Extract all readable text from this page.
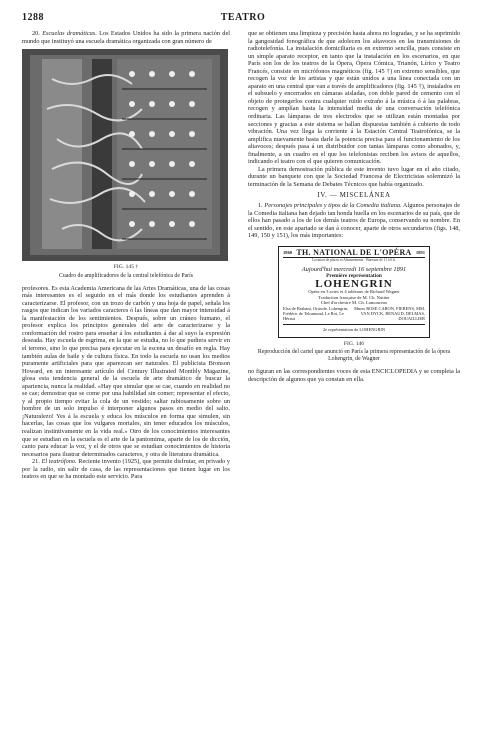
1288	TEATRO

20. Escuelas dramáticas. Los Estados Unidos ha sido la primera nación del mundo que instituyó una escuela dramática organizada con gran número de

FIG. 145 †
Cuadro de amplificadores de la central telefónica de París

profesores. Es esta Academia Americana de las Artes Dramáticas, una de las cosas más interesantes es el seguido en el más donde los estudiantes aprenden á caracterizarse. El profesor, con un trozo de carbón y una hoja de papel, señala los rasgos que indican los variados caracteres ó las líneas que dan mayor intensidad á la manifestación de los sentimientos. Después, sobre un cráneo humano, el profesor explica los principios generales del arte de caracterizarse y la conformación del rostro para enseñar á los estudiantes á dar al suyo la expresión deseada. Hay escuela de esgrima, en la que se estudia, no lo que pudiera servir en el terreno, sino lo que precisa para ejecutar en la escena un desafío en regla. Hay también aulas de baile y de cultura física. En todo la escuela no usan los medios puramente artificiales para que aparezcan ser naturales. El publicista Bronson Howard, en un interesante artículo del Century Illustrated Monthly Magazine, glosa esta tendencia general de la escuela de arte dramático de buscar la apariencia, nunca la realidad. «Hay que simular que se cae, cuando en realidad no se cae; demostrar que se come por una habilidad sin comer; representar el efecto, y al propio tiempo evitar la cola de un vestido; saltar rabiosamente sobre un hombre de un solo impulso é interponer algunos pasos en medio del salto. ¡Naturalezo! Yes á la escuela y educa los músculos en forma que simulen, sin hacerlas, las cosas que los vulgares mortales, sin tener educados los músculos, realizan instintivamente en la vida real.» Otro de los conocimientos interesantes que se estudian en la escuela es el arte de la pantomima, aparte de los de dicción, canto para educar la voz, y el de otros que se estudian conocimientos de historia necesarios para ilustrar determinados caracteres, y otra de literatura dramática.

21. El teatrófono. Reciente invento (1925), que permite disfrutar, en privado y por la radio, sin salir de casa, de las representaciones que tienen lugar en los teatros en que se ha montado este servicio. Para

que se obtienen una limpieza y precisión hasta ahora no logradas, y se ha suprimido la gangosidad fonográfica de que adolecen los altavoces en las transmisiones de radiotelefonía. La instalación domiciliaria es en extremo sencilla, pues consiste en un simple aparato receptor, en tanto que la instalación en los escenarios, en que París son los de los teatros de la Ópera, Ópera Cómica, Trianón, Lírico y Teatro Francés, consiste en micrófonos magnéticos (fig. 145 †) en extremo sensibles, que recogen la voz de los artistas y que están unidos a una línea conectada con un aparato en una central que van a través de amplificadores (fig. 145 †), instalados en el subsuelo y encerrados en cámaras aisladas, con doble pared de cemento con el objeto de protegerlos contra cualquier ruido extraño á la música ó á las palabras, recogen y amplían hasta la intensidad media de una conversación telefónica ordinaria. Las lámparas de tres electrodos que se utilizan están montadas por secciones y gracias a este sistema se hallan dispuestas también á cubierto de todo vibración. Una vez llega la corriente á la Estación Central Teatrofónica, se la amplifica nuevamente hasta darle la potencia precisa para el funcionamiento de los altavoces; después pasa á un distribuidor con tantas lámparas como abonados, y, finalmente, a un cuadro en el que los telefonistas reciben los avisos de aquellos, indicando el teatro con el que quieren comunicación.

La primera demostración pública de este invento tuvo lugar en el año citado, durante un banquete con que la Sociedad Francesa de Electricistas solemnizó la terminación de la Semana de Debates Técnicos que había organizado.

IV. — MISCELÁNEA

1. Personajes principales y tipos de la Comedia italiana. Algunos personajes de la Comedia italiana han dejado tan honda huella en los escenarios de su país, que de ellos han pasado a los de los demás teatros de Europa, conservando su nombre. En el sentido, en este apartado se dan á conocer, aparte de otros secundarios (figs. 148, 149, 150 y 151), los más importantes:

1860 TH. NATIONAL DE L'OPÉRA 1891
Location de places et Abonnements · Bureaux de 11 à 6 h.
Aujourd'hui mercredi 16 septembre 1891
Première représentation
LOHENGRIN
Opéra en 3 actes et 4 tableaux de Richard Wagner
Traduction française de M. Ch. Nuitter
Chef d'orchestre M. Ch. Lamoureux
Elsa de Brabant, Ortrude, Lohengrin, Frédéric de Telramund, Le Roi, Le Héraut
Mmes ROSE CARON, FIERENS, MM. VAN DYCK, RENAUD, DELMAS, DOUAILLIER
2e représentation de LOHENGRIN
FIG. 146
Reproducción del cartel que anunció en París la primera representación de la ópera Lohengrin, de Wagner

no figuran en las correspondientes voces de esta ENCICLOPEDIA y se completa la descripción de algunos que ya constan en ella.
